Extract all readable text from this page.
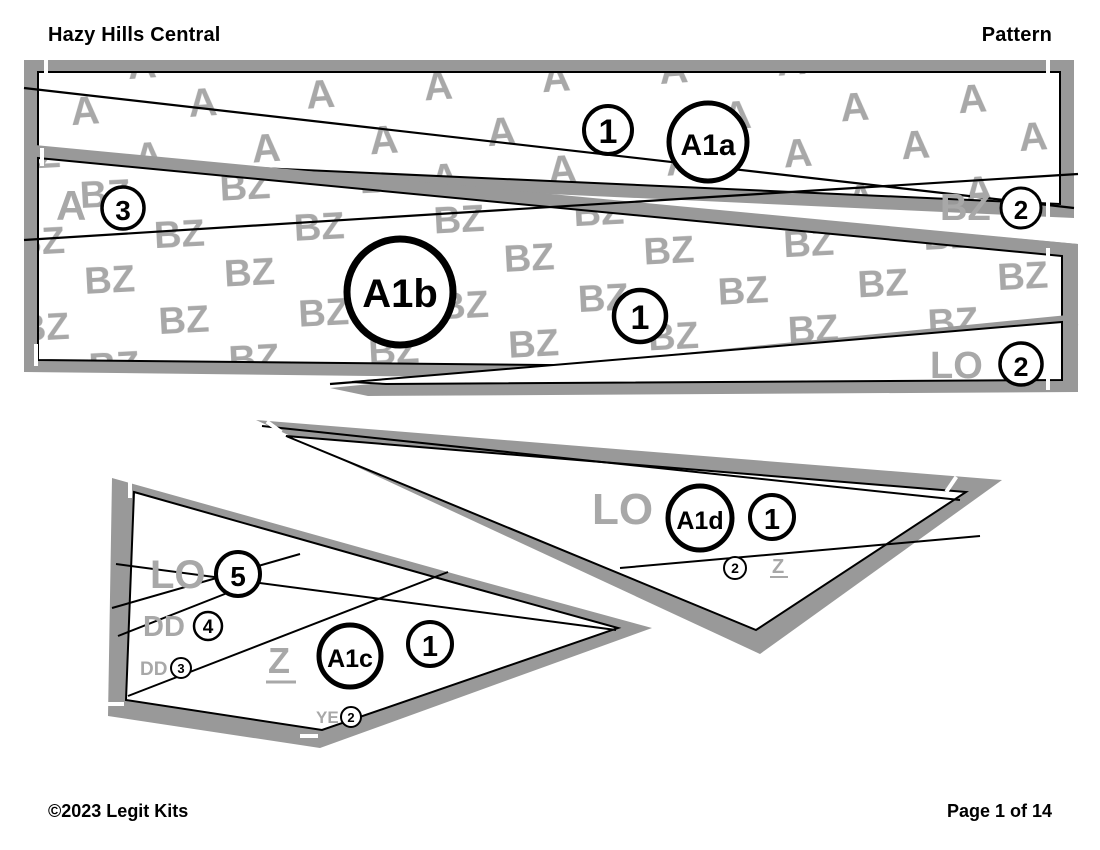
Hazy Hills Central	Pattern
1 A1a
BZ 2
A 3
A1b
1
LO 2
LO A1d 1
2 Z
LO 5
DD 4
DD 3 Z A1c 1
YE 2
©2023 Legit Kits	Page 1 of 14
